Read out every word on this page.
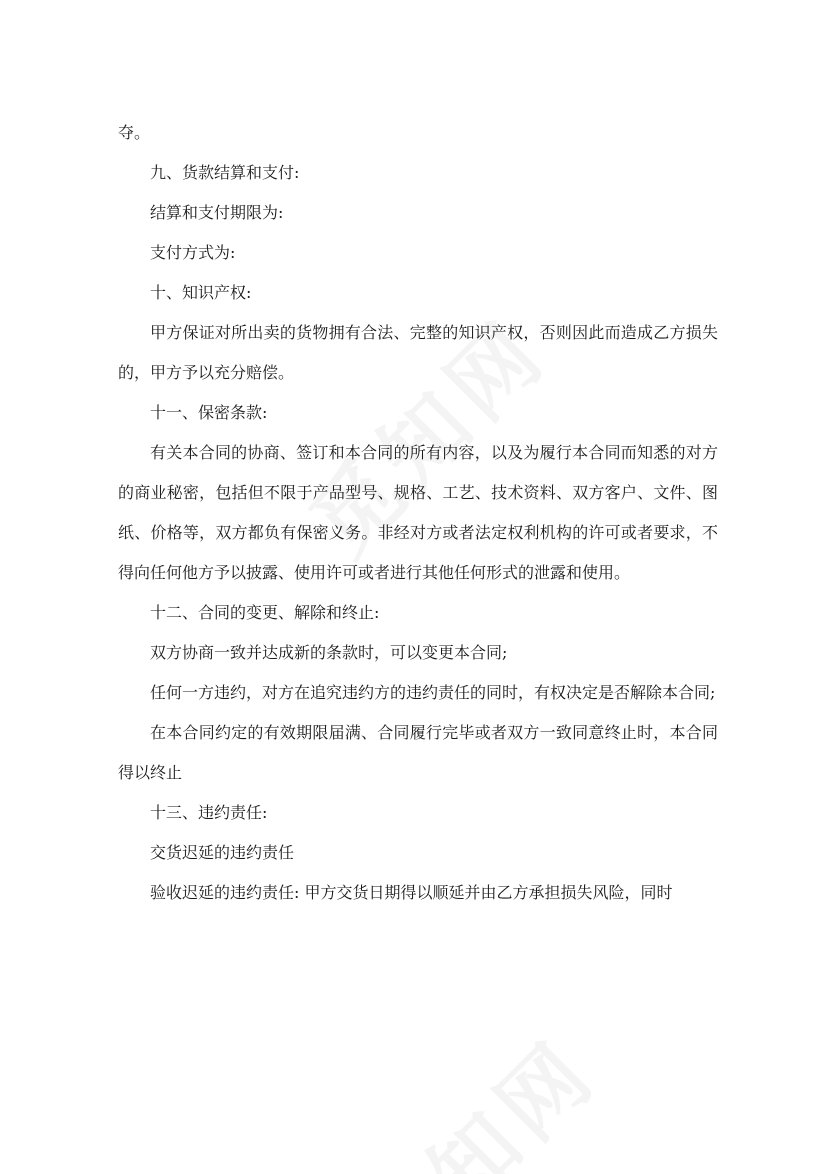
夺。

九、货款结算和支付:

结算和支付期限为:

支付方式为:

十、知识产权:

甲方保证对所出卖的货物拥有合法、完整的知识产权，否则因此而造成乙方损失的，甲方予以充分赔偿。

十一、保密条款:

有关本合同的协商、签订和本合同的所有内容，以及为履行本合同而知悉的对方的商业秘密，包括但不限于产品型号、规格、工艺、技术资料、双方客户、文件、图纸、价格等，双方都负有保密义务。非经对方或者法定权利机构的许可或者要求，不得向任何他方予以披露、使用许可或者进行其他任何形式的泄露和使用。

十二、合同的变更、解除和终止:

双方协商一致并达成新的条款时，可以变更本合同;

任何一方违约，对方在追究违约方的违约责任的同时，有权决定是否解除本合同;

在本合同约定的有效期限届满、合同履行完毕或者双方一致同意终止时，本合同得以终止

十三、违约责任:

交货迟延的违约责任

验收迟延的违约责任: 甲方交货日期得以顺延并由乙方承担损失风险，同时
